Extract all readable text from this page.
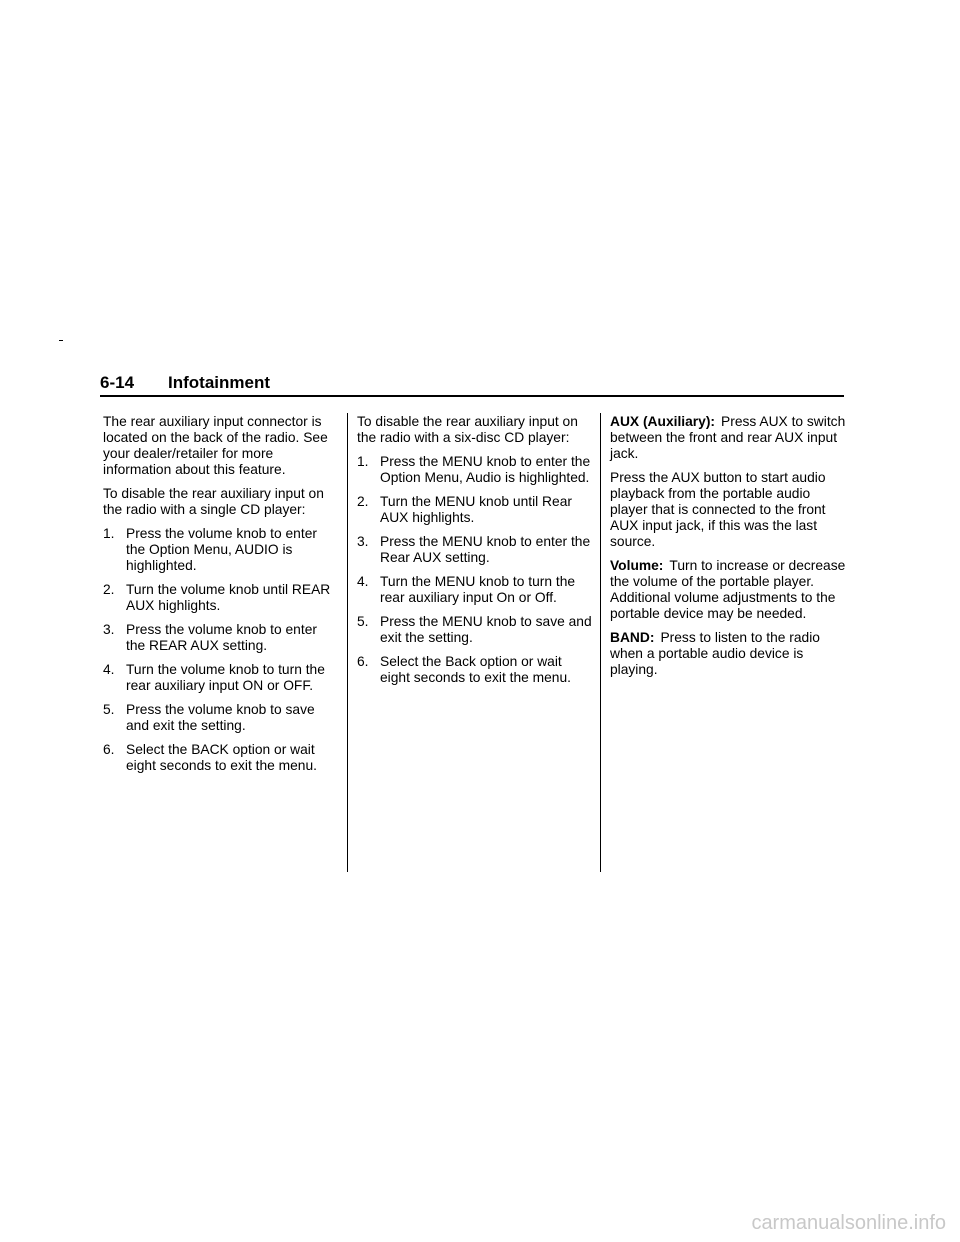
6-14 Infotainment

The rear auxiliary input connector is located on the back of the radio. See your dealer/retailer for more information about this feature.

To disable the rear auxiliary input on the radio with a single CD player:

1. Press the volume knob to enter the Option Menu, AUDIO is highlighted.
2. Turn the volume knob until REAR AUX highlights.
3. Press the volume knob to enter the REAR AUX setting.
4. Turn the volume knob to turn the rear auxiliary input ON or OFF.
5. Press the volume knob to save and exit the setting.
6. Select the BACK option or wait eight seconds to exit the menu.

To disable the rear auxiliary input on the radio with a six-disc CD player:

1. Press the MENU knob to enter the Option Menu, Audio is highlighted.
2. Turn the MENU knob until Rear AUX highlights.
3. Press the MENU knob to enter the Rear AUX setting.
4. Turn the MENU knob to turn the rear auxiliary input On or Off.
5. Press the MENU knob to save and exit the setting.
6. Select the Back option or wait eight seconds to exit the menu.

AUX (Auxiliary): Press AUX to switch between the front and rear AUX input jack.

Press the AUX button to start audio playback from the portable audio player that is connected to the front AUX input jack, if this was the last source.

Volume: Turn to increase or decrease the volume of the portable player. Additional volume adjustments to the portable device may be needed.

BAND: Press to listen to the radio when a portable audio device is playing.

carmanualsonline.info
